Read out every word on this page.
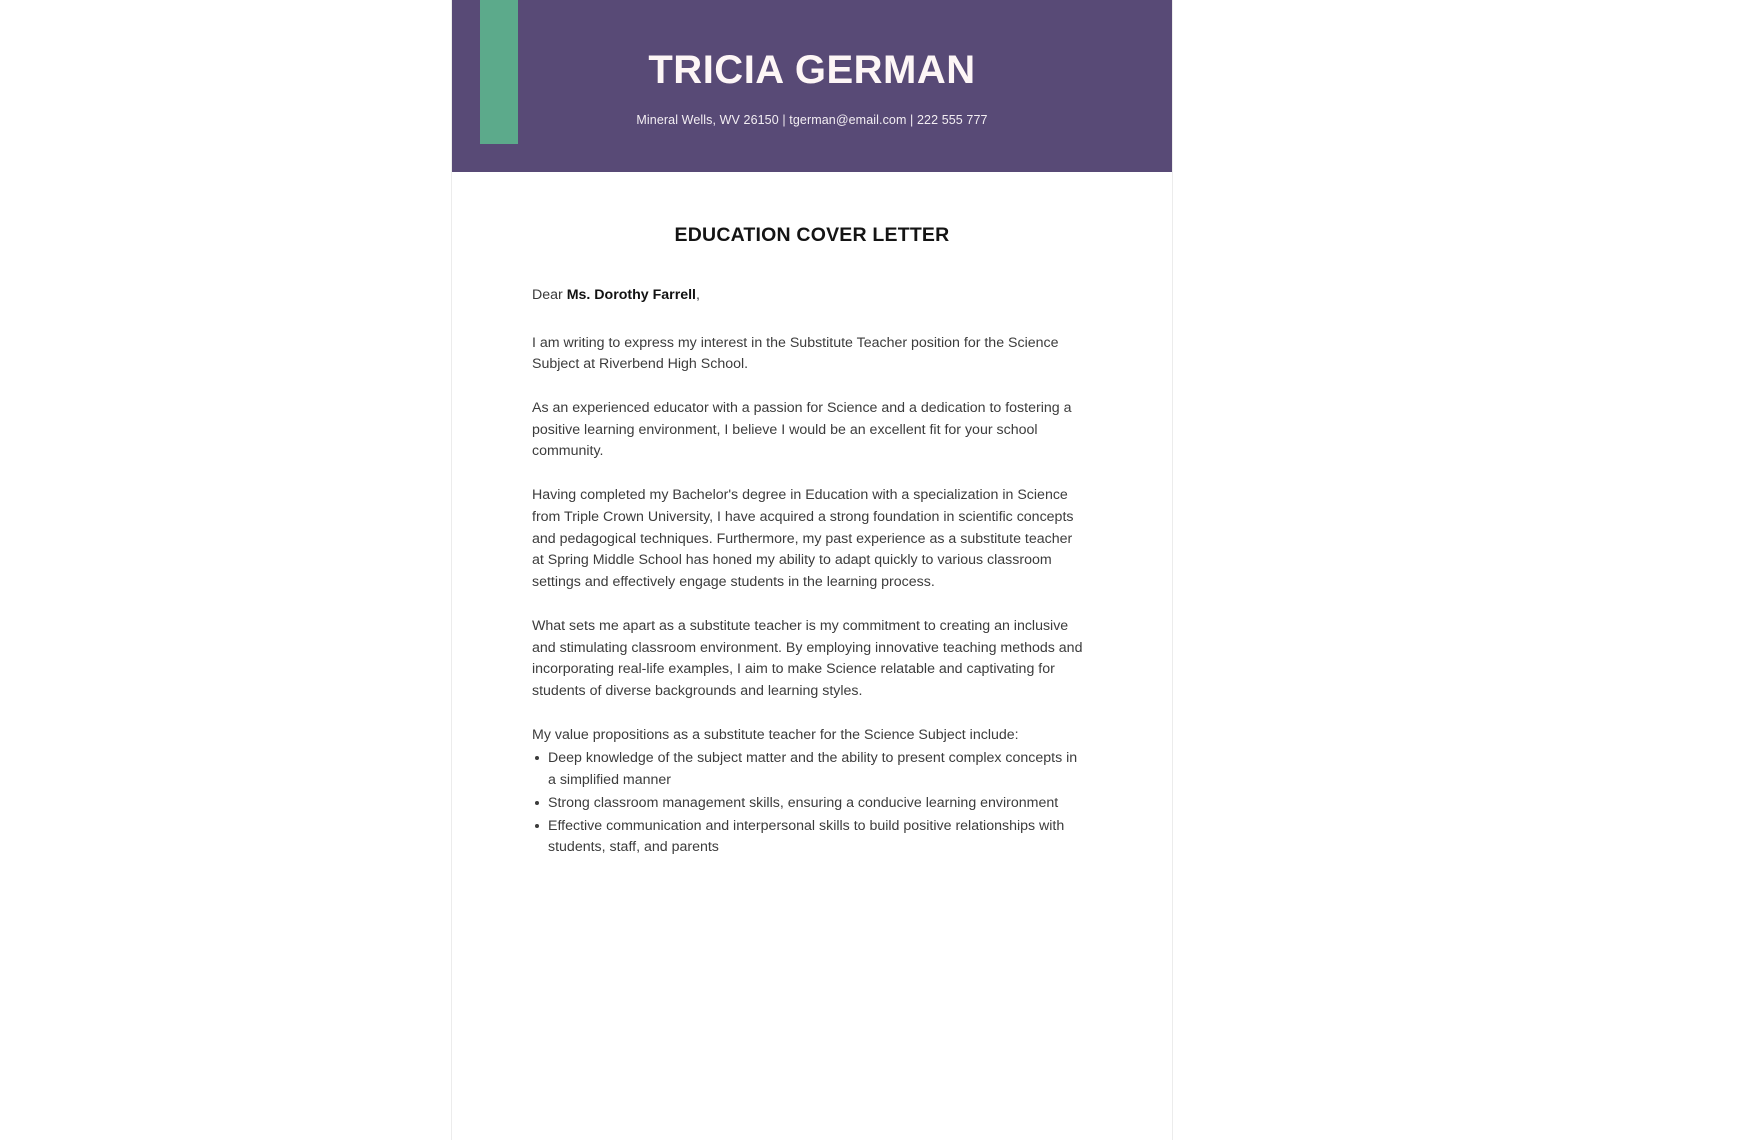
TRICIA GERMAN

Mineral Wells, WV 26150 | tgerman@email.com | 222 555 777

EDUCATION COVER LETTER

Dear Ms. Dorothy Farrell,

I am writing to express my interest in the Substitute Teacher position for the Science Subject at Riverbend High School.

As an experienced educator with a passion for Science and a dedication to fostering a positive learning environment, I believe I would be an excellent fit for your school community.

Having completed my Bachelor's degree in Education with a specialization in Science from Triple Crown University, I have acquired a strong foundation in scientific concepts and pedagogical techniques. Furthermore, my past experience as a substitute teacher at Spring Middle School has honed my ability to adapt quickly to various classroom settings and effectively engage students in the learning process.

What sets me apart as a substitute teacher is my commitment to creating an inclusive and stimulating classroom environment. By employing innovative teaching methods and incorporating real-life examples, I aim to make Science relatable and captivating for students of diverse backgrounds and learning styles.

My value propositions as a substitute teacher for the Science Subject include:

Deep knowledge of the subject matter and the ability to present complex concepts in a simplified manner
Strong classroom management skills, ensuring a conducive learning environment
Effective communication and interpersonal skills to build positive relationships with students, staff, and parents
